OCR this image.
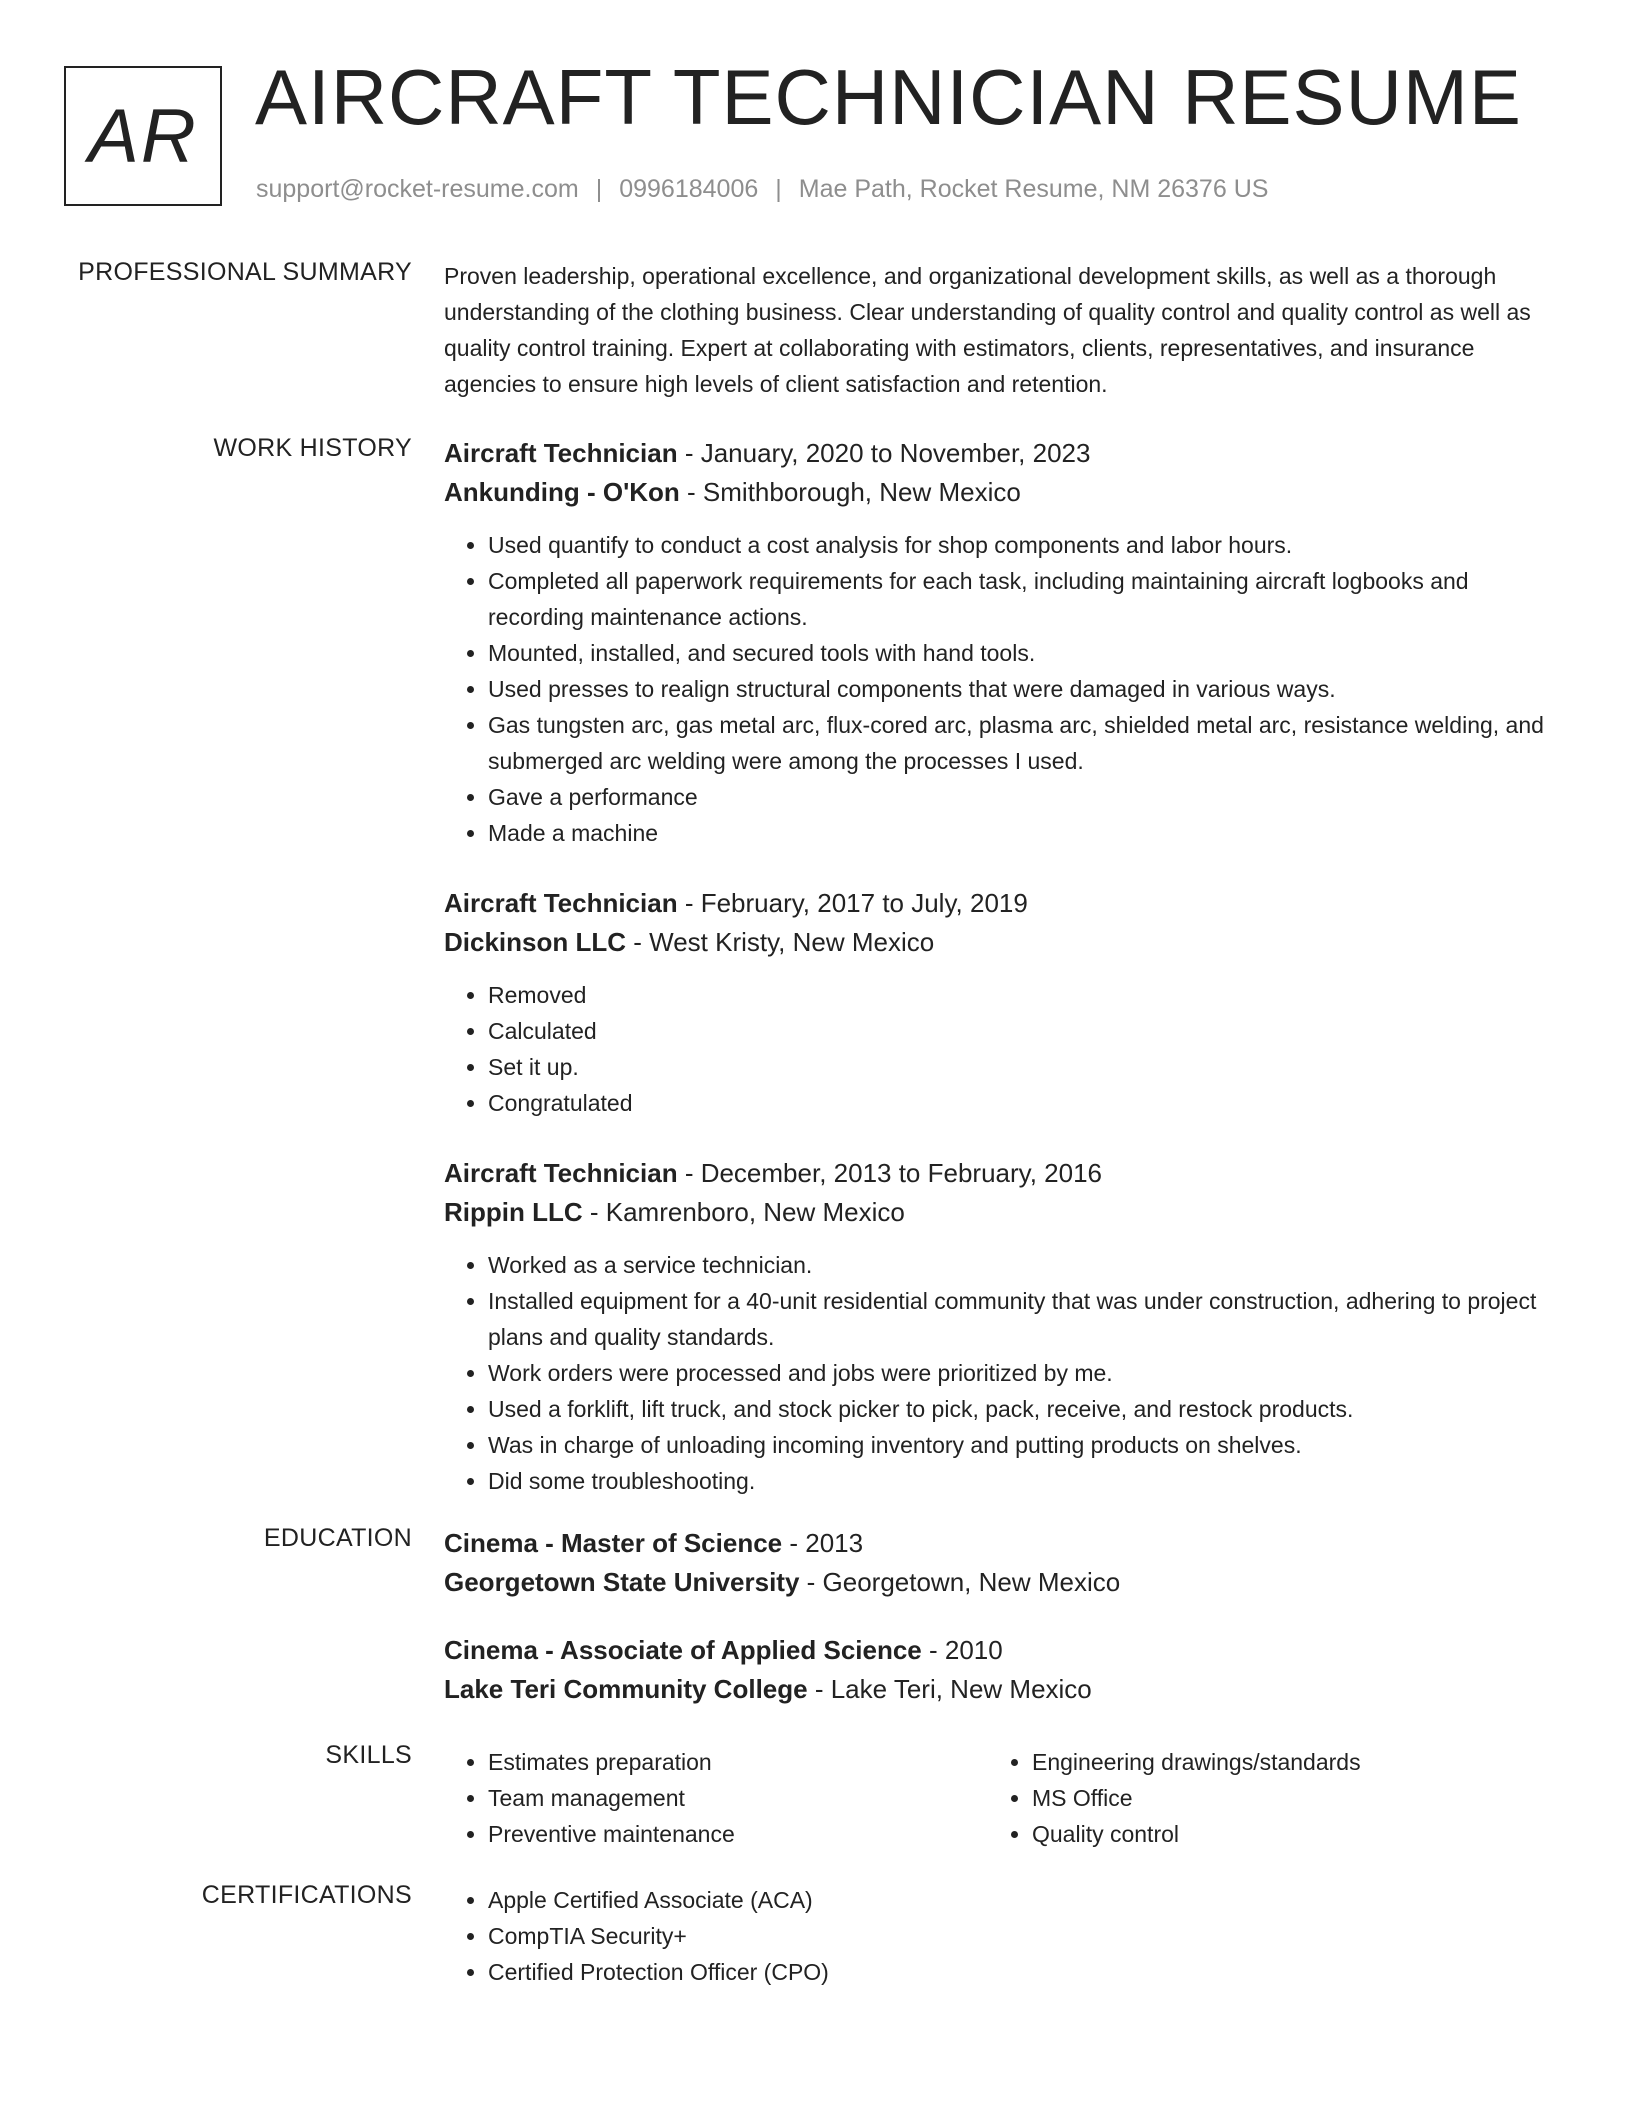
AR AIRCRAFT TECHNICIAN RESUME
support@rocket-resume.com | 0996184006 | Mae Path, Rocket Resume, NM 26376 US
PROFESSIONAL SUMMARY Proven leadership, operational excellence, and organizational development skills, as well as a thorough understanding of the clothing business. Clear understanding of quality control and quality control as well as quality control training. Expert at collaborating with estimators, clients, representatives, and insurance agencies to ensure high levels of client satisfaction and retention.

WORK HISTORY Aircraft Technician - January, 2020 to November, 2023
Ankunding - O'Kon - Smithborough, New Mexico
• Used quantify to conduct a cost analysis for shop components and labor hours.
• Completed all paperwork requirements for each task, including maintaining aircraft logbooks and recording maintenance actions.
• Mounted, installed, and secured tools with hand tools.
• Used presses to realign structural components that were damaged in various ways.
• Gas tungsten arc, gas metal arc, flux-cored arc, plasma arc, shielded metal arc, resistance welding, and submerged arc welding were among the processes I used.
• Gave a performance
• Made a machine
Aircraft Technician - February, 2017 to July, 2019
Dickinson LLC - West Kristy, New Mexico
• Removed
• Calculated
• Set it up.
• Congratulated
Aircraft Technician - December, 2013 to February, 2016
Rippin LLC - Kamrenboro, New Mexico
• Worked as a service technician.
• Installed equipment for a 40-unit residential community that was under construction, adhering to project plans and quality standards.
• Work orders were processed and jobs were prioritized by me.
• Used a forklift, lift truck, and stock picker to pick, pack, receive, and restock products.
• Was in charge of unloading incoming inventory and putting products on shelves.
• Did some troubleshooting.
EDUCATION Cinema - Master of Science - 2013
Georgetown State University - Georgetown, New Mexico
Cinema - Associate of Applied Science - 2010
Lake Teri Community College - Lake Teri, New Mexico
SKILLS	• Estimates preparation
• Team management
• Preventive maintenance
• Engineering drawings/standards
• MS Office
• Quality control
CERTIFICATIONS	• Apple Certified Associate (ACA)
• CompTIA Security+
• Certified Protection Officer (CPO)
